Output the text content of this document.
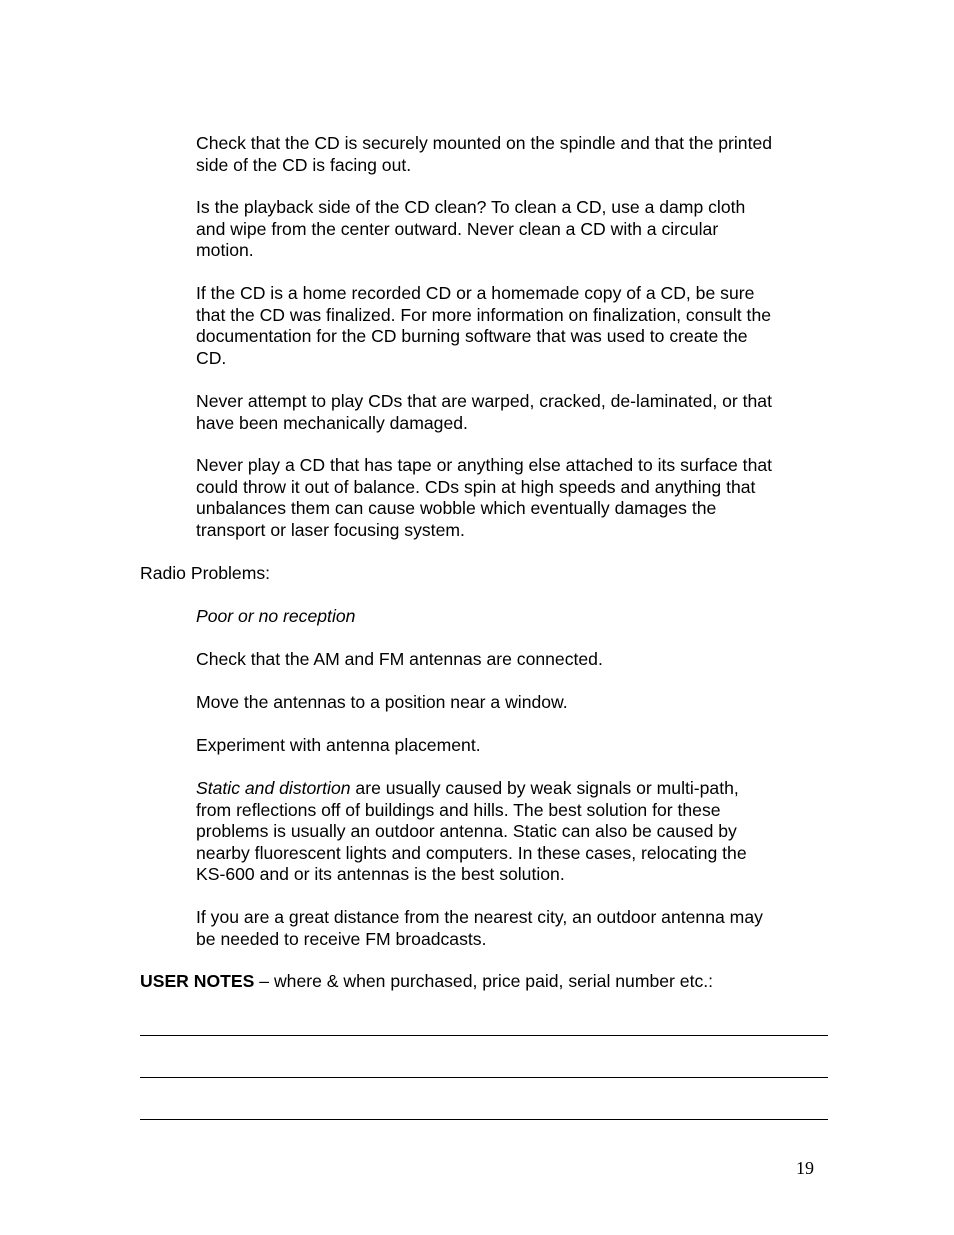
Check that the CD is securely mounted on the spindle and that the printed
side of the CD is facing out.
Is the playback side of the CD clean? To clean a CD, use a damp cloth
and wipe from the center outward. Never clean a CD with a circular
motion.
If the CD is a home recorded CD or a homemade copy of a CD, be sure
that the CD was finalized. For more information on finalization, consult the
documentation for the CD burning software that was used to create the
CD.
Never attempt to play CDs that are warped, cracked, de-laminated, or that
have been mechanically damaged.
Never play a CD that has tape or anything else attached to its surface that
could throw it out of balance. CDs spin at high speeds and anything that
unbalances them can cause wobble which eventually damages the
transport or laser focusing system.
Radio Problems:
Poor or no reception
Check that the AM and FM antennas are connected.
Move the antennas to a position near a window.
Experiment with antenna placement.
Static and distortion are usually caused by weak signals or multi-path,
from reflections off of buildings and hills. The best solution for these
problems is usually an outdoor antenna. Static can also be caused by
nearby fluorescent lights and computers. In these cases, relocating the
KS-600 and or its antennas is the best solution.
If you are a great distance from the nearest city, an outdoor antenna may
be needed to receive FM broadcasts.
USER NOTES – where & when purchased, price paid, serial number etc.:
19
